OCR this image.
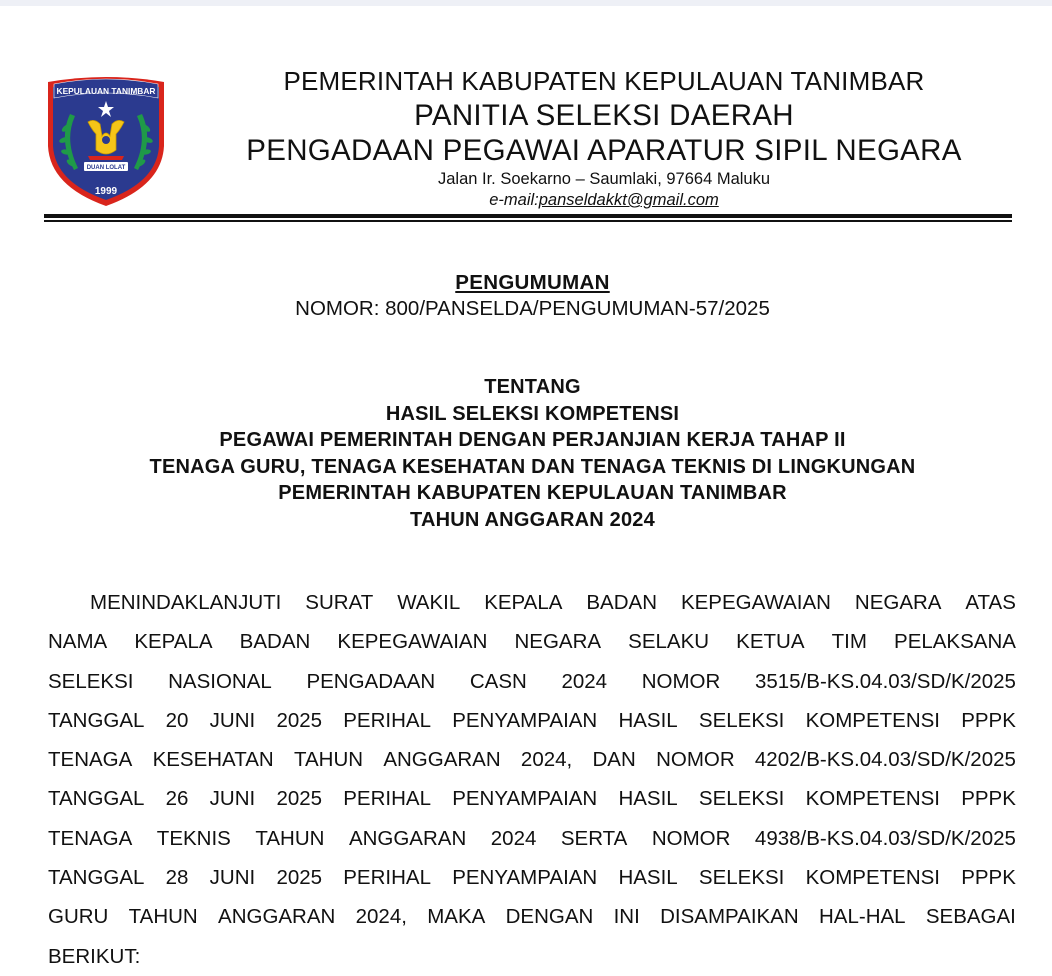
KEPULAUAN TANIMBAR
DUAN LOLAT
1999
PEMERINTAH KABUPATEN KEPULAUAN TANIMBAR
PANITIA SELEKSI DAERAH
PENGADAAN PEGAWAI APARATUR SIPIL NEGARA
Jalan Ir. Soekarno – Saumlaki, 97664 Maluku
e-mail:panseldakkt@gmail.com
PENGUMUMAN
NOMOR: 800/PANSELDA/PENGUMUMAN-57/2025
TENTANG
HASIL SELEKSI KOMPETENSI
PEGAWAI PEMERINTAH DENGAN PERJANJIAN KERJA TAHAP II
TENAGA GURU, TENAGA KESEHATAN DAN TENAGA TEKNIS DI LINGKUNGAN
PEMERINTAH KABUPATEN KEPULAUAN TANIMBAR
TAHUN ANGGARAN 2024
MENINDAKLANJUTI SURAT WAKIL KEPALA BADAN KEPEGAWAIAN NEGARA ATAS
NAMA KEPALA BADAN KEPEGAWAIAN NEGARA SELAKU KETUA TIM PELAKSANA
SELEKSI NASIONAL PENGADAAN CASN 2024 NOMOR 3515/B-KS.04.03/SD/K/2025
TANGGAL 20 JUNI 2025 PERIHAL PENYAMPAIAN HASIL SELEKSI KOMPETENSI PPPK
TENAGA KESEHATAN TAHUN ANGGARAN 2024, DAN NOMOR 4202/B-KS.04.03/SD/K/2025
TANGGAL 26 JUNI 2025 PERIHAL PENYAMPAIAN HASIL SELEKSI KOMPETENSI PPPK
TENAGA TEKNIS TAHUN ANGGARAN 2024 SERTA NOMOR 4938/B-KS.04.03/SD/K/2025
TANGGAL 28 JUNI 2025 PERIHAL PENYAMPAIAN HASIL SELEKSI KOMPETENSI PPPK
GURU TAHUN ANGGARAN 2024, MAKA DENGAN INI DISAMPAIKAN HAL-HAL SEBAGAI
BERIKUT:
